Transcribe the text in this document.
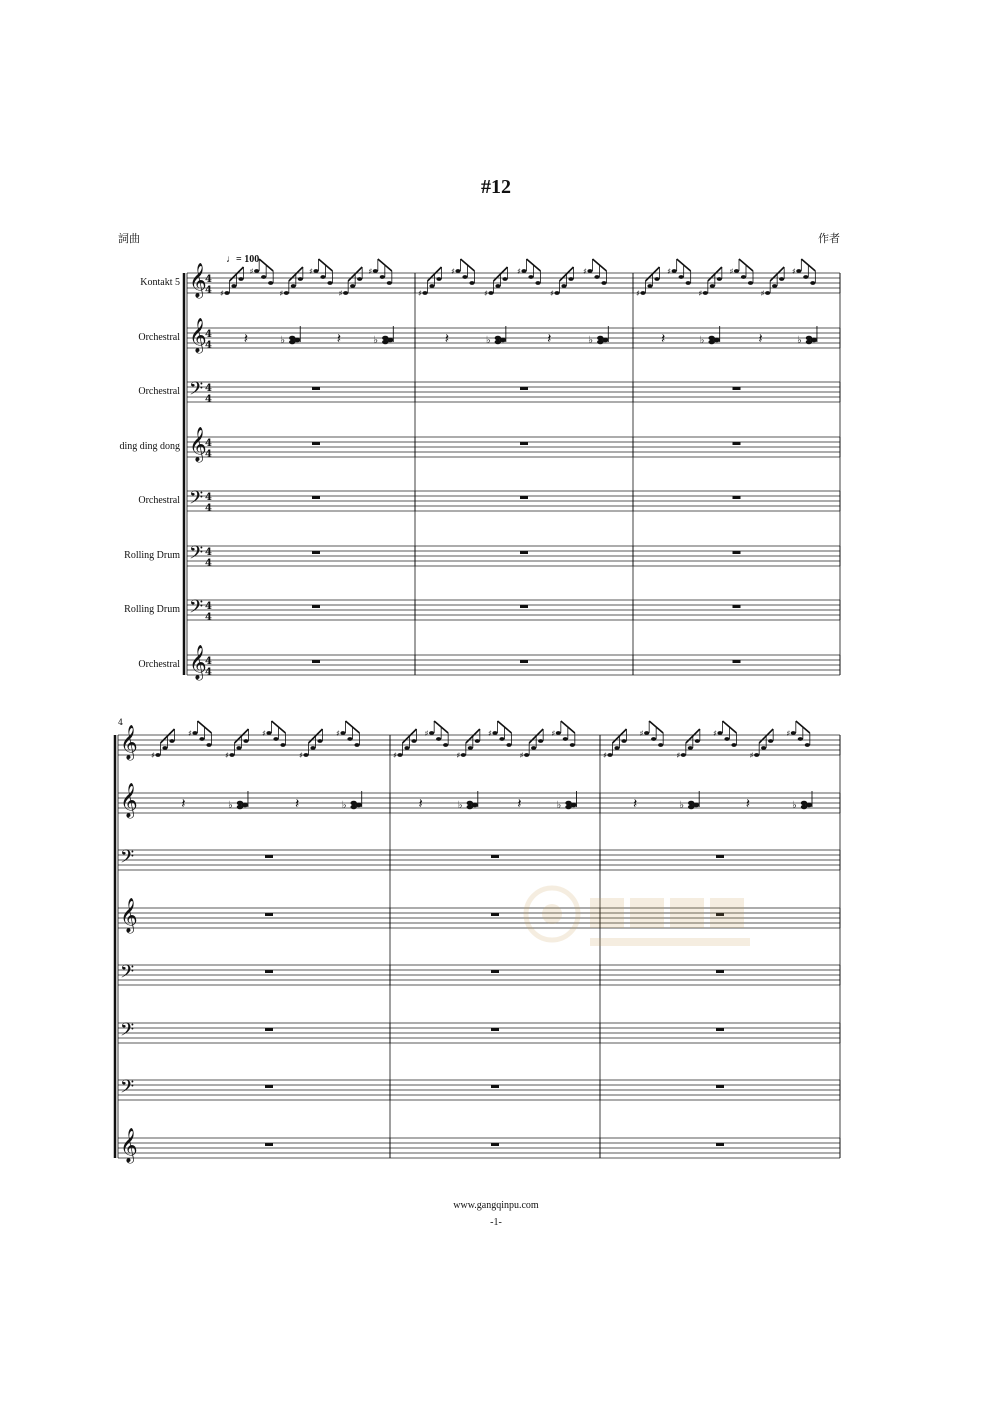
#12
詞曲	作者
♩= 100
Kontakt 5
Orchestral
Orchestral
ding ding dong
Orchestral
Rolling Drum
Rolling Drum
Orchestral
𝄞
4
4
𝄞
4
4
𝄢 4
4
𝄞
4
4
𝄢 4
4
𝄢 4
4
𝄢 4
4
𝄞
4
4
♯
♯
♯
♯
♯
♯
♯
♯
♯
♯
♯
♯
♯
♯
♯
♯
♯
♯
𝄽	♭	𝄽	♭	𝄽	♭	𝄽	♭	𝄽	♭	𝄽	♭
𝄞
𝄞
𝄢
𝄞
𝄢
𝄢
𝄢
𝄞
♯
♯
♯
♯
♯
♯
♯
♯
♯
♯
♯
♯
♯
♯
♯
♯
♯
♯
𝄽	♭	𝄽	♭	𝄽	♭	𝄽	♭	𝄽	♭	𝄽	♭
4
www.gangqinpu.com
-1-
